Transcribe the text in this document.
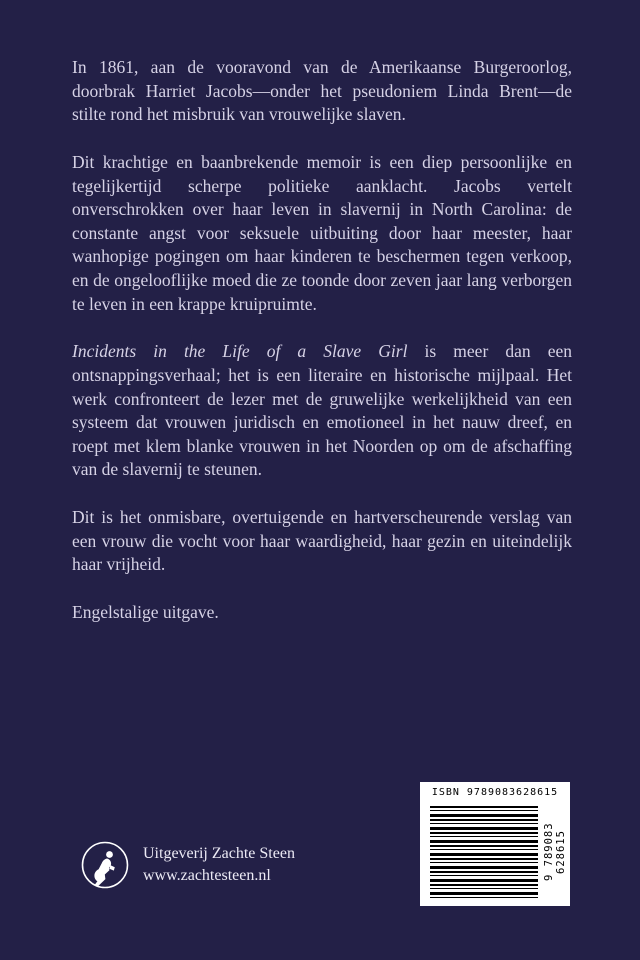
In 1861, aan de vooravond van de Amerikaanse Burgeroorlog, doorbrak Harriet Jacobs—onder het pseudoniem Linda Brent—de stilte rond het misbruik van vrouwelijke slaven.

Dit krachtige en baanbrekende memoir is een diep persoonlijke en tegelijkertijd scherpe politieke aanklacht. Jacobs vertelt onverschrokken over haar leven in slavernij in North Carolina: de constante angst voor seksuele uitbuiting door haar meester, haar wanhopige pogingen om haar kinderen te beschermen tegen verkoop, en de ongelooflijke moed die ze toonde door zeven jaar lang verborgen te leven in een krappe kruipruimte.

Incidents in the Life of a Slave Girl is meer dan een ontsnappingsverhaal; het is een literaire en historische mijlpaal. Het werk confronteert de lezer met de gruwelijke werkelijkheid van een systeem dat vrouwen juridisch en emotioneel in het nauw dreef, en roept met klem blanke vrouwen in het Noorden op om de afschaffing van de slavernij te steunen.

Dit is het onmisbare, overtuigende en hartverscheurende verslag van een vrouw die vocht voor haar waardigheid, haar gezin en uiteindelijk haar vrijheid.

Engelstalige uitgave.

ISBN 9789083628615
9 789083 628615
Uitgeverij Zachte Steen
www.zachtesteen.nl
